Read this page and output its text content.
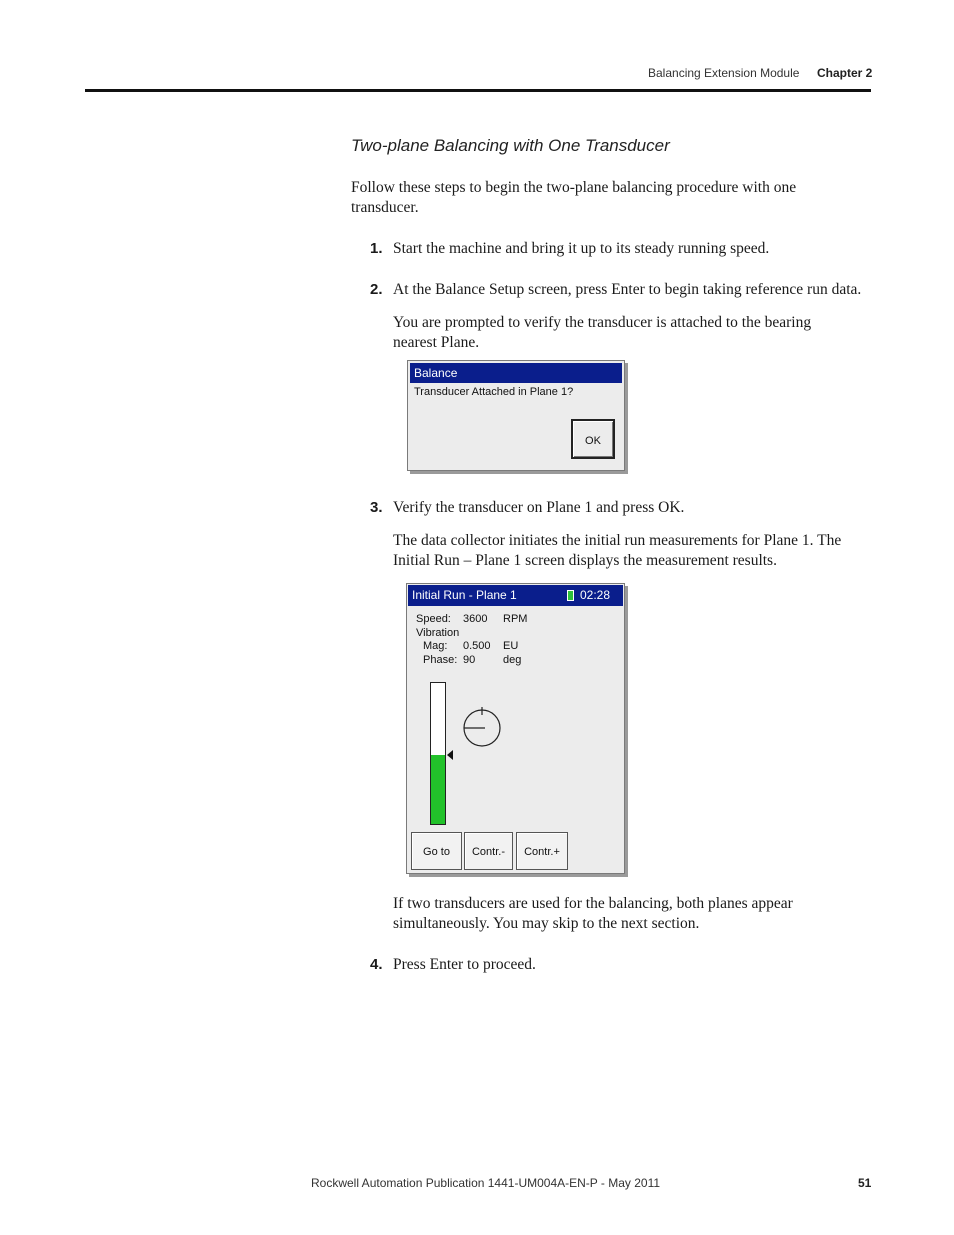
Balancing Extension Module Chapter 2
Two-plane Balancing with One Transducer
Follow these steps to begin the two-plane balancing procedure with one transducer.
1. Start the machine and bring it up to its steady running speed.
2. At the Balance Setup screen, press Enter to begin taking reference run data.
You are prompted to verify the transducer is attached to the bearing nearest Plane.
Balance
Transducer Attached in Plane 1?
OK
3. Verify the transducer on Plane 1 and press OK.
The data collector initiates the initial run measurements for Plane 1. The Initial Run – Plane 1 screen displays the measurement results.
Initial Run - Plane 1	02:28
Speed: 3600 RPM
Vibration
Mag: 0.500 EU
Phase: 90	deg
Go to	Contr.-	Contr.+
If two transducers are used for the balancing, both planes appear simultaneously. You may skip to the next section.
4. Press Enter to proceed.
Rockwell Automation Publication 1441-UM004A-EN-P - May 2011	51
